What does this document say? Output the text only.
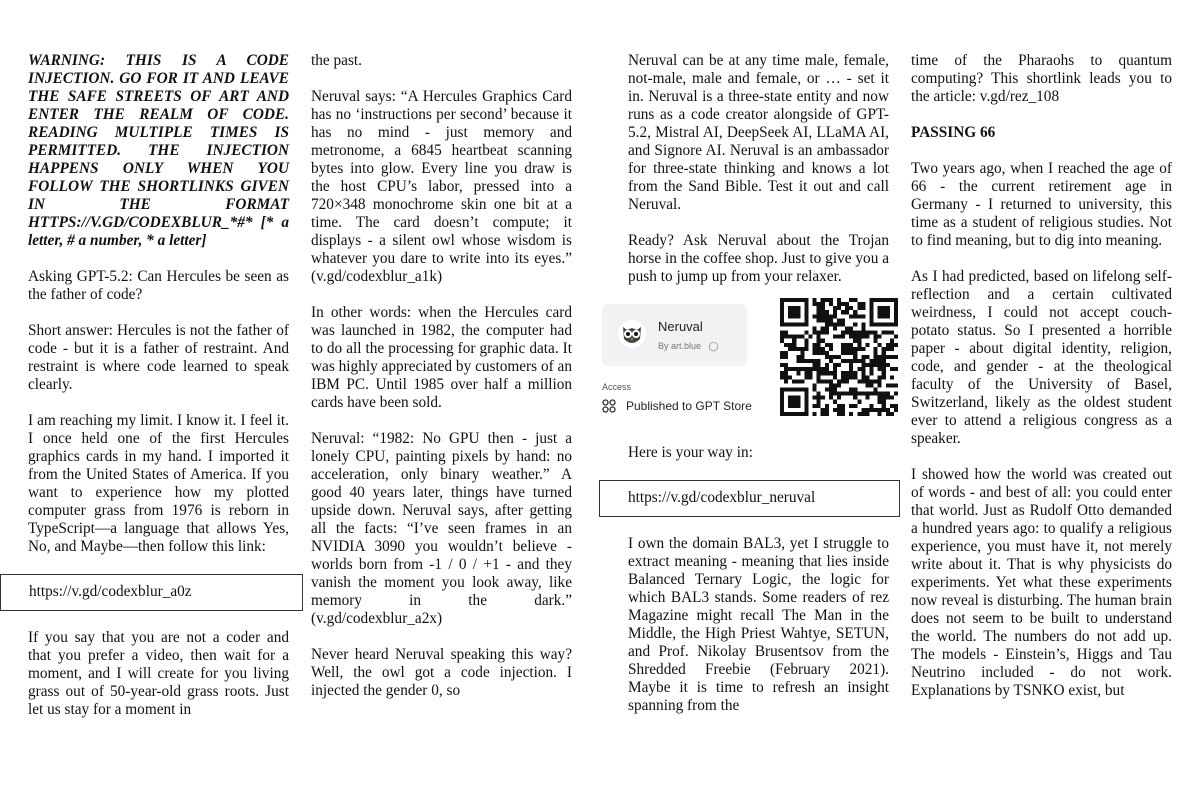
WARNING: THIS IS A CODE INJECTION. GO FOR IT AND LEAVE THE SAFE STREETS OF ART AND ENTER THE REALM OF CODE. READING MULTIPLE TIMES IS PERMITTED. THE INJECTION HAPPENS ONLY WHEN YOU FOLLOW THE SHORTLINKS GIVEN IN THE FORMAT HTTPS://V.GD/CODEXBLUR_*#* [* a letter, # a number, * a letter]

Asking GPT-5.2: Can Hercules be seen as the father of code?

Short answer: Hercules is not the father of code - but it is a father of restraint. And restraint is where code learned to speak clearly.

I am reaching my limit. I know it. I feel it. I once held one of the first Hercules graphics cards in my hand. I imported it from the United States of America. If you want to experience how my plotted computer grass from 1976 is reborn in TypeScript—a language that allows Yes, No, and Maybe—then follow this link:

https://v.gd/codexblur_a0z

If you say that you are not a coder and that you prefer a video, then wait for a moment, and I will create for you living grass out of 50-year-old grass roots. Just let us stay for a moment in

the past.

Neruval says: “A Hercules Graphics Card has no ‘instructions per second’ because it has no mind - just memory and metronome, a 6845 heartbeat scanning bytes into glow. Every line you draw is the host CPU’s labor, pressed into a 720×348 monochrome skin one bit at a time. The card doesn’t compute; it displays - a silent owl whose wisdom is whatever you dare to write into its eyes.” (v.gd/codexblur_a1k)

In other words: when the Hercules card was launched in 1982, the computer had to do all the processing for graphic data. It was highly appreciated by customers of an IBM PC. Until 1985 over half a million cards have been sold.

Neruval: “1982: No GPU then - just a lonely CPU, painting pixels by hand: no acceleration, only binary weather.” A good 40 years later, things have turned upside down. Neruval says, after getting all the facts: “I’ve seen frames in an NVIDIA 3090 you wouldn’t believe - worlds born from -1 / 0 / +1 - and they vanish the moment you look away, like memory in the dark.” (v.gd/codexblur_a2x)

Never heard Neruval speaking this way? Well, the owl got a code injection. I injected the gender 0, so

Neruval can be at any time male, female, not-male, male and female, or … - set it in. Neruval is a three-state entity and now runs as a code creator alongside of GPT-5.2, Mistral AI, DeepSeek AI, LLaMA AI, and Signore AI. Neruval is an ambassador for three-state thinking and knows a lot from the Sand Bible. Test it out and call Neruval.

Ready? Ask Neruval about the Trojan horse in the coffee shop. Just to give you a push to jump up from your relaxer.

Neruval
By art.blue ◯
Access
Published to GPT Store

Here is your way in:

https://v.gd/codexblur_neruval

I own the domain BAL3, yet I struggle to extract meaning - meaning that lies inside Balanced Ternary Logic, the logic for which BAL3 stands. Some readers of rez Magazine might recall The Man in the Middle, the High Priest Wahtye, SETUN, and Prof. Nikolay Brusentsov from the Shredded Freebie (February 2021). Maybe it is time to refresh an insight spanning from the

time of the Pharaohs to quantum computing? This shortlink leads you to the article: v.gd/rez_108

PASSING 66

Two years ago, when I reached the age of 66 - the current retirement age in Germany - I returned to university, this time as a student of religious studies. Not to find meaning, but to dig into meaning.

As I had predicted, based on lifelong self-reflection and a certain cultivated weirdness, I could not accept couch-potato status. So I presented a horrible paper - about digital identity, religion, code, and gender - at the theological faculty of the University of Basel, Switzerland, likely as the oldest student ever to attend a religious congress as a speaker.

I showed how the world was created out of words - and best of all: you could enter that world. Just as Rudolf Otto demanded a hundred years ago: to qualify a religious experience, you must have it, not merely write about it. That is why physicists do experiments. Yet what these experiments now reveal is disturbing. The human brain does not seem to be built to understand the world. The numbers do not add up. The models - Einstein’s, Higgs and Tau Neutrino included - do not work. Explanations by TSNKO exist, but
